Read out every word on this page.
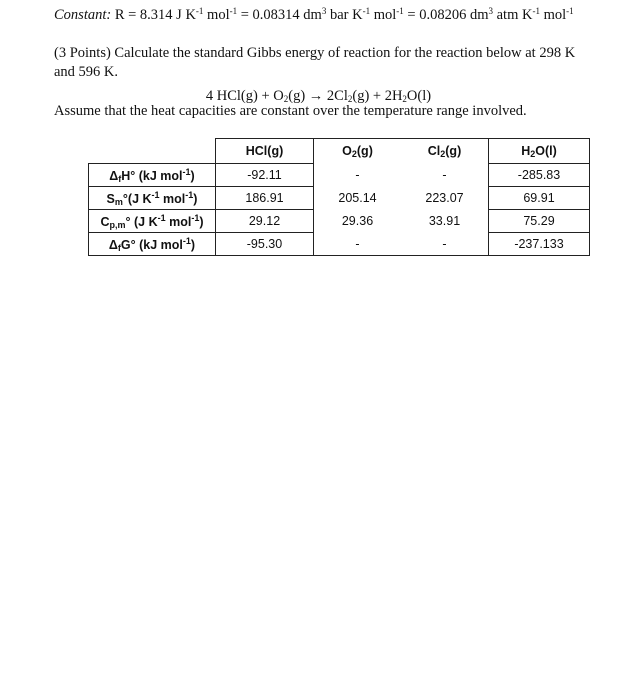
Constant: R = 8.314 J $K^{-1}$ mol$^{-1}$ = 0.08314 $dm^3$ bar $K^{-1}$ mol$^{-1}$ = 0.08206 $dm^3$ atm $K^{-1}$ mol$^{-1}$
(3 Points) Calculate the standard Gibbs energy of reaction for the reaction below at 298 K and 596 K.
4 $HCl(g) + O_2(g) \to 2Cl_2(g) + 2H_2O(l)$
Assume that the heat capacities are constant over the temperature range involved.
	HCl(g)	$O_2(g)$	$Cl_2(g)$	$H_2O(l)$
$\Delta_fH^\circ$ (kJ mol$^{-1}$)	-92.11	-	-	-285.83
$S_m^\circ(J$ $K^{-1}$ mol$^{-1}$)	186.91	205.14	223.07	69.91
$C_{p,m}^\circ$ (J $K^{-1}$ mol$^{-1}$)	29.12	29.36	33.91	75.29
$\Delta_fG^\circ$ (kJ mol$^{-1}$)	-95.30	-	-	-237.133
